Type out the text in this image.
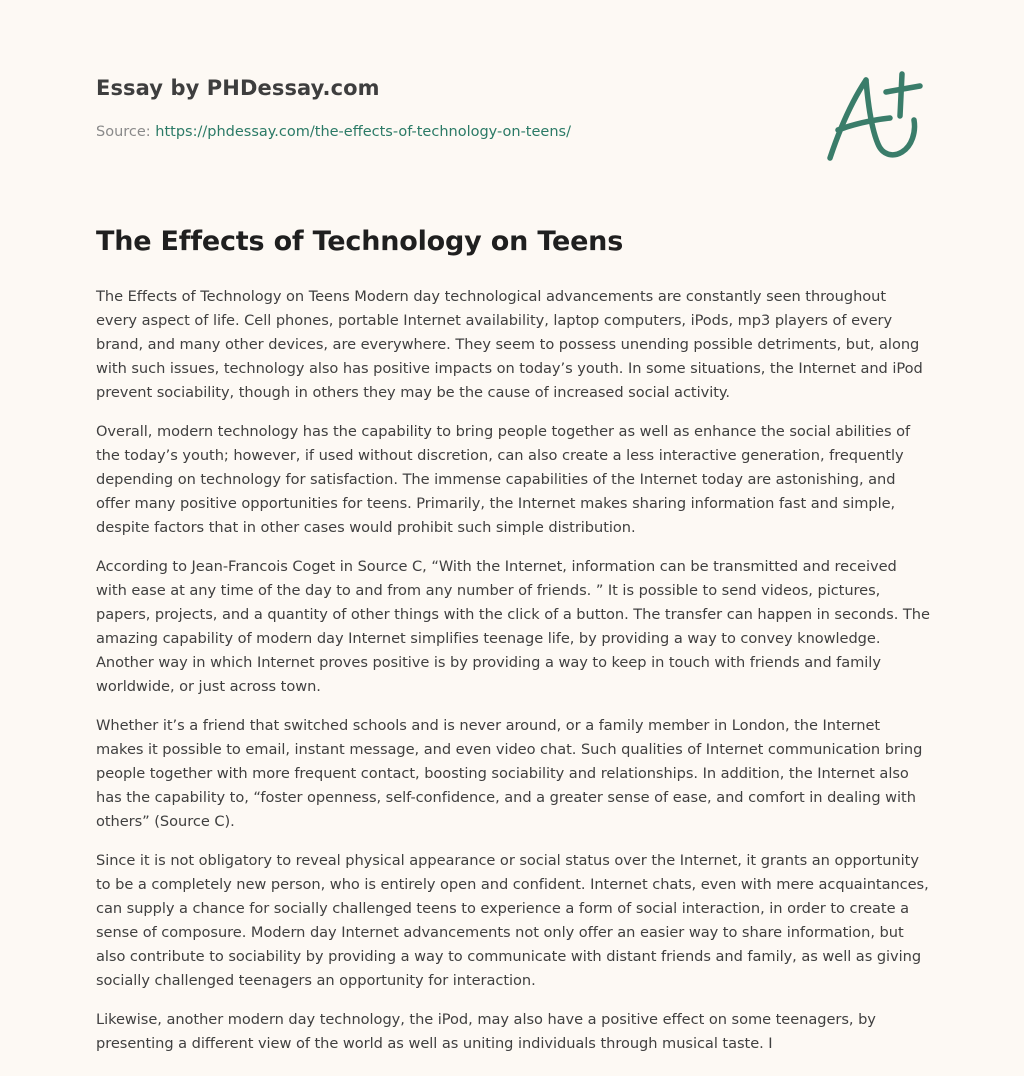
Essay by PHDessay.com
Source: https://phdessay.com/the-effects-of-technology-on-teens/
The Effects of Technology on Teens

The Effects of Technology on Teens Modern day technological advancements are constantly seen throughout every aspect of life. Cell phones, portable Internet availability, laptop computers, iPods, mp3 players of every brand, and many other devices, are everywhere. They seem to possess unending possible detriments, but, along with such issues, technology also has positive impacts on today’s youth. In some situations, the Internet and iPod prevent sociability, though in others they may be the cause of increased social activity.

Overall, modern technology has the capability to bring people together as well as enhance the social abilities of the today’s youth; however, if used without discretion, can also create a less interactive generation, frequently depending on technology for satisfaction. The immense capabilities of the Internet today are astonishing, and offer many positive opportunities for teens. Primarily, the Internet makes sharing information fast and simple, despite factors that in other cases would prohibit such simple distribution.

According to Jean-Francois Coget in Source C, “With the Internet, information can be transmitted and received with ease at any time of the day to and from any number of friends. ” It is possible to send videos, pictures, papers, projects, and a quantity of other things with the click of a button. The transfer can happen in seconds. The amazing capability of modern day Internet simplifies teenage life, by providing a way to convey knowledge. Another way in which Internet proves positive is by providing a way to keep in touch with friends and family worldwide, or just across town.

Whether it’s a friend that switched schools and is never around, or a family member in London, the Internet makes it possible to email, instant message, and even video chat. Such qualities of Internet communication bring people together with more frequent contact, boosting sociability and relationships. In addition, the Internet also has the capability to, “foster openness, self-confidence, and a greater sense of ease, and comfort in dealing with others” (Source C).

Since it is not obligatory to reveal physical appearance or social status over the Internet, it grants an opportunity to be a completely new person, who is entirely open and confident. Internet chats, even with mere acquaintances, can supply a chance for socially challenged teens to experience a form of social interaction, in order to create a sense of composure. Modern day Internet advancements not only offer an easier way to share information, but also contribute to sociability by providing a way to communicate with distant friends and family, as well as giving socially challenged teenagers an opportunity for interaction.

Likewise, another modern day technology, the iPod, may also have a positive effect on some teenagers, by presenting a different view of the world as well as uniting individuals through musical taste. I
